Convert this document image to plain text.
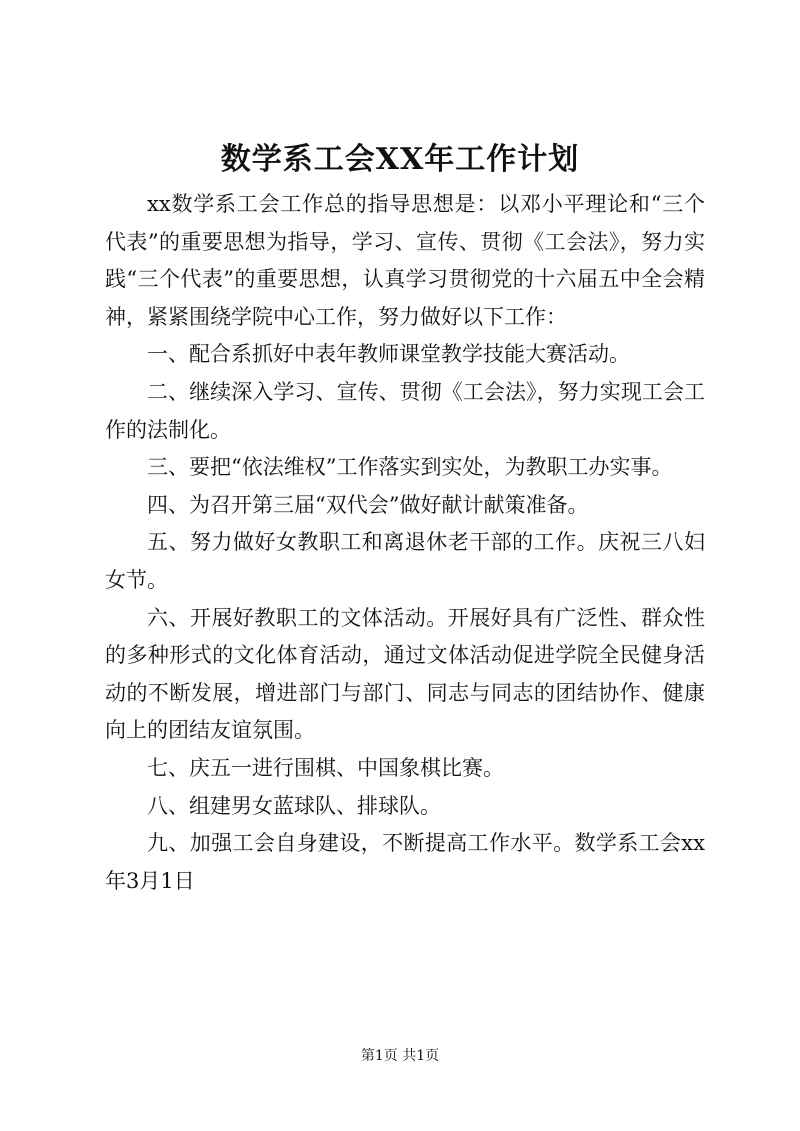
数学系工会XX年工作计划

xx数学系工会工作总的指导思想是：以邓小平理论和“三个代表”的重要思想为指导，学习、宣传、贯彻《工会法》，努力实践“三个代表”的重要思想，认真学习贯彻党的十六届五中全会精神，紧紧围绕学院中心工作，努力做好以下工作：

一、配合系抓好中表年教师课堂教学技能大赛活动。

二、继续深入学习、宣传、贯彻《工会法》，努力实现工会工作的法制化。

三、要把“依法维权”工作落实到实处，为教职工办实事。

四、为召开第三届“双代会”做好献计献策准备。

五、努力做好女教职工和离退休老干部的工作。庆祝三八妇女节。

六、开展好教职工的文体活动。开展好具有广泛性、群众性的多种形式的文化体育活动，通过文体活动促进学院全民健身活动的不断发展，增进部门与部门、同志与同志的团结协作、健康向上的团结友谊氛围。

七、庆五一进行围棋、中国象棋比赛。

八、组建男女蓝球队、排球队。

九、加强工会自身建设，不断提高工作水平。数学系工会xx年3月1日

第1页 共1页
